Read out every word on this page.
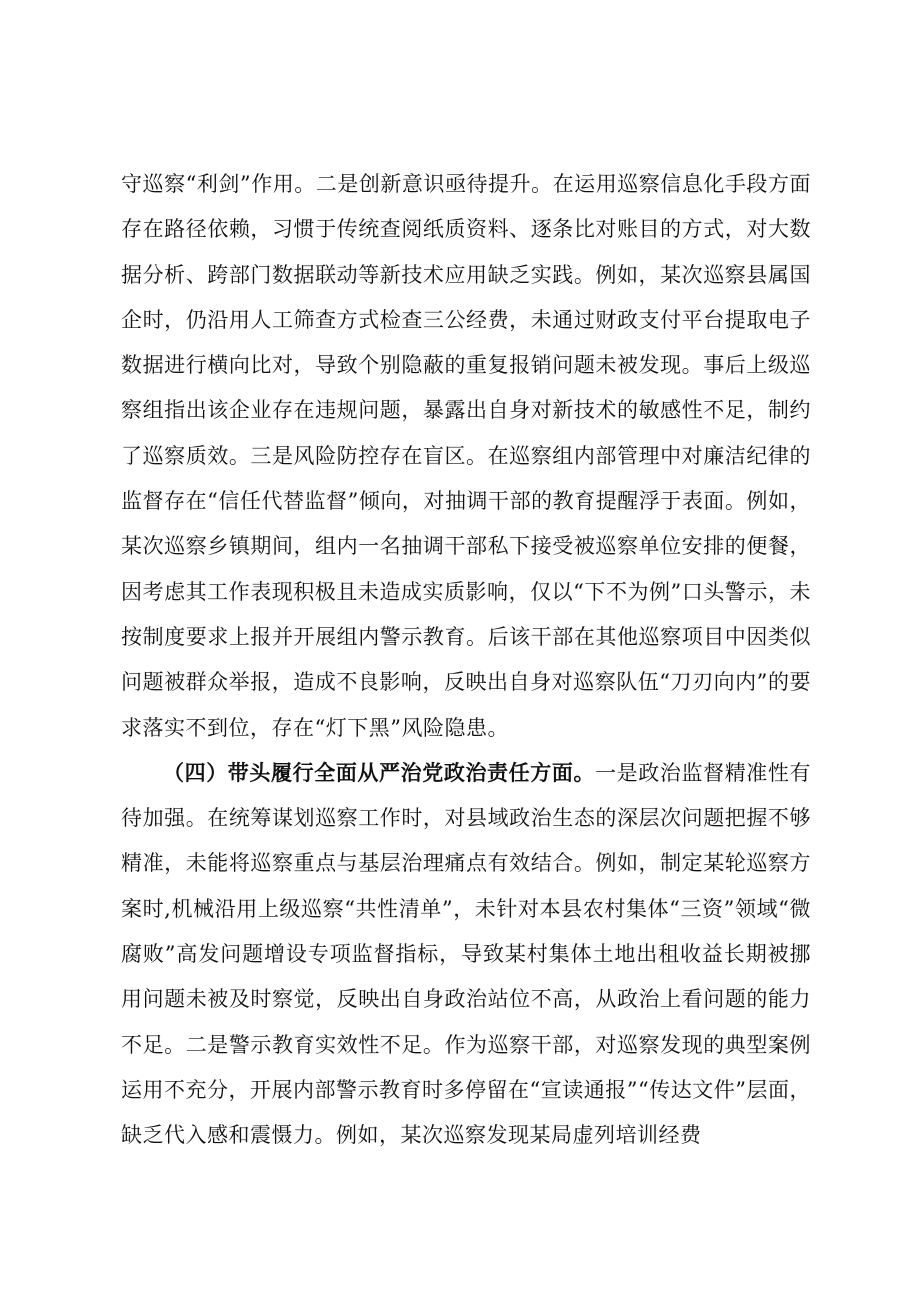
守巡察“利剑”作用。二是创新意识亟待提升。在运用巡察信息化手段方面存在路径依赖，习惯于传统查阅纸质资料、逐条比对账目的方式，对大数据分析、跨部门数据联动等新技术应用缺乏实践。例如，某次巡察县属国企时，仍沿用人工筛查方式检查三公经费，未通过财政支付平台提取电子数据进行横向比对，导致个别隐蔽的重复报销问题未被发现。事后上级巡察组指出该企业存在违规问题，暴露出自身对新技术的敏感性不足，制约了巡察质效。三是风险防控存在盲区。在巡察组内部管理中对廉洁纪律的监督存在“信任代替监督”倾向，对抽调干部的教育提醒浮于表面。例如，某次巡察乡镇期间，组内一名抽调干部私下接受被巡察单位安排的便餐，因考虑其工作表现积极且未造成实质影响，仅以“下不为例”口头警示，未按制度要求上报并开展组内警示教育。后该干部在其他巡察项目中因类似问题被群众举报，造成不良影响，反映出自身对巡察队伍“刀刃向内”的要求落实不到位，存在“灯下黑”风险隐患。

（四）带头履行全面从严治党政治责任方面。一是政治监督精准性有待加强。在统筹谋划巡察工作时，对县域政治生态的深层次问题把握不够精准，未能将巡察重点与基层治理痛点有效结合。例如，制定某轮巡察方案时,机械沿用上级巡察“共性清单”，未针对本县农村集体“三资”领域“微腐败”高发问题增设专项监督指标，导致某村集体土地出租收益长期被挪用问题未被及时察觉，反映出自身政治站位不高，从政治上看问题的能力不足。二是警示教育实效性不足。作为巡察干部，对巡察发现的典型案例运用不充分，开展内部警示教育时多停留在“宣读通报”“传达文件”层面，缺乏代入感和震慑力。例如，某次巡察发现某局虚列培训经费
